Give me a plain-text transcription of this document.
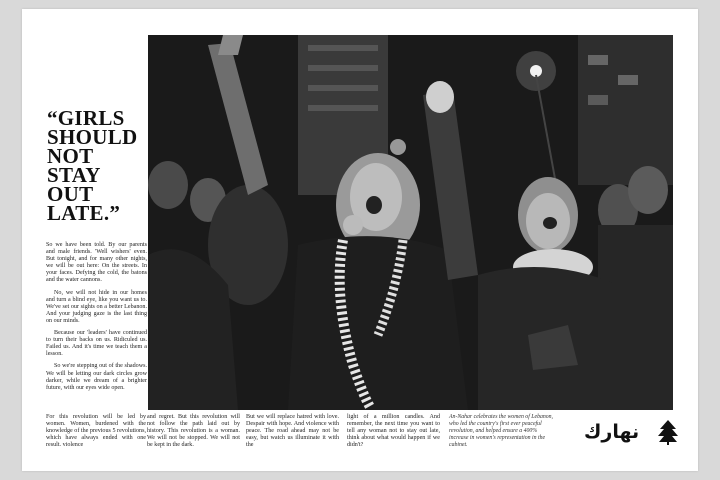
“GIRLS
SHOULD
NOT
STAY
OUT
LATE.”

So we have been told. By our parents and male friends. 'Well wishers' even. But tonight, and for many other nights, we will be out here: On the streets. In your faces. Defying the cold, the batons and the water cannons.

No, we will not hide in our homes and turn a blind eye, like you want us to. We've set our sights on a better Lebanon. And your judging gaze is the last thing on our minds.

Because our 'leaders' have continued to turn their backs on us. Ridiculed us. Failed us. And it's time we teach them a lesson.

So we're stepping out of the shadows. We will be letting our dark circles grow darker, while we dream of a brighter future, with our eyes wide open.

For this revolution will be led by women. Women, burdened with the knowledge of the previous 5 revolutions, which have always ended with one result. violence

and regret. But this revolution will not follow the path laid out by history. This revolution is a woman. We will not be stopped. We will not be kept in the dark.

But we will replace hatred with love. Despair with hope. And violence with peace. The road ahead may not be easy, but watch us illuminate it with the

light of a million candles. And remember, the next time you want to tell any woman not to stay out late, think about what would happen if we didn't?

An-Nahar celebrates the women of Lebanon, who led the country's first ever peaceful revolution, and helped ensure a 400% increase in women's representation in the cabinet.
نهارك
